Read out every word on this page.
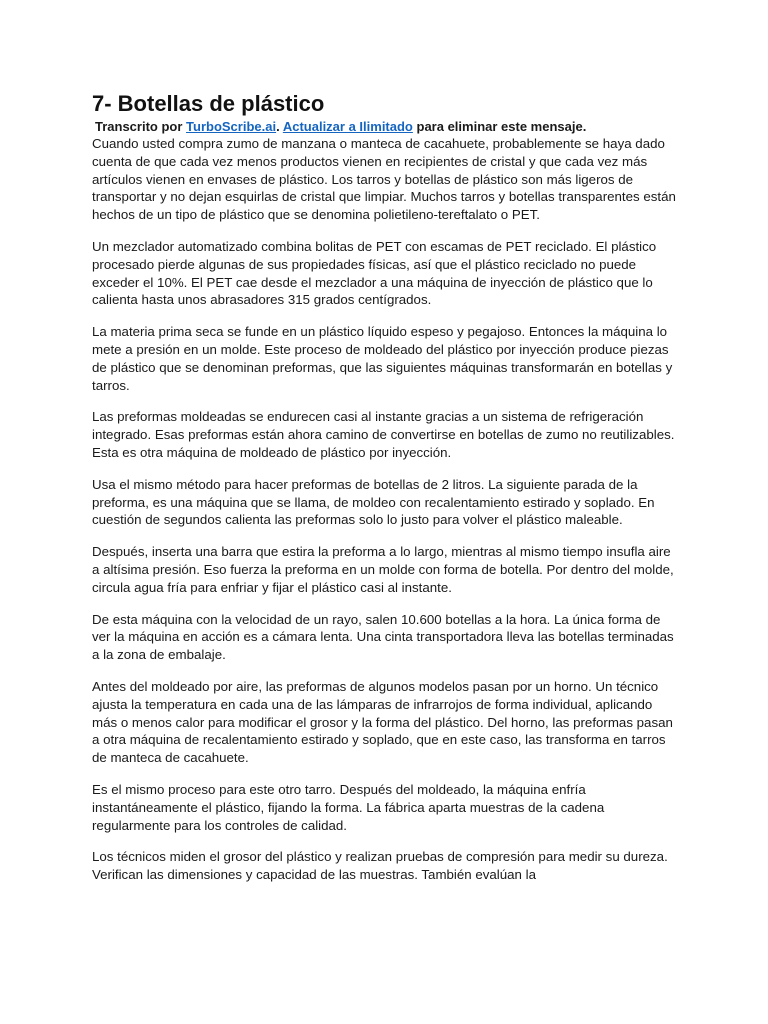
7- Botellas de plástico

Transcrito por TurboScribe.ai. Actualizar a Ilimitado para eliminar este mensaje.

Cuando usted compra zumo de manzana o manteca de cacahuete, probablemente se haya dado cuenta de que cada vez menos productos vienen en recipientes de cristal y que cada vez más artículos vienen en envases de plástico. Los tarros y botellas de plástico son más ligeros de transportar y no dejan esquirlas de cristal que limpiar. Muchos tarros y botellas transparentes están hechos de un tipo de plástico que se denomina polietileno-tereftalato o PET.

Un mezclador automatizado combina bolitas de PET con escamas de PET reciclado. El plástico procesado pierde algunas de sus propiedades físicas, así que el plástico reciclado no puede exceder el 10%. El PET cae desde el mezclador a una máquina de inyección de plástico que lo calienta hasta unos abrasadores 315 grados centígrados.

La materia prima seca se funde en un plástico líquido espeso y pegajoso. Entonces la máquina lo mete a presión en un molde. Este proceso de moldeado del plástico por inyección produce piezas de plástico que se denominan preformas, que las siguientes máquinas transformarán en botellas y tarros.

Las preformas moldeadas se endurecen casi al instante gracias a un sistema de refrigeración integrado. Esas preformas están ahora camino de convertirse en botellas de zumo no reutilizables. Esta es otra máquina de moldeado de plástico por inyección.

Usa el mismo método para hacer preformas de botellas de 2 litros. La siguiente parada de la preforma, es una máquina que se llama, de moldeo con recalentamiento estirado y soplado. En cuestión de segundos calienta las preformas solo lo justo para volver el plástico maleable.

Después, inserta una barra que estira la preforma a lo largo, mientras al mismo tiempo insufla aire a altísima presión. Eso fuerza la preforma en un molde con forma de botella. Por dentro del molde, circula agua fría para enfriar y fijar el plástico casi al instante.

De esta máquina con la velocidad de un rayo, salen 10.600 botellas a la hora. La única forma de ver la máquina en acción es a cámara lenta. Una cinta transportadora lleva las botellas terminadas a la zona de embalaje.

Antes del moldeado por aire, las preformas de algunos modelos pasan por un horno. Un técnico ajusta la temperatura en cada una de las lámparas de infrarrojos de forma individual, aplicando más o menos calor para modificar el grosor y la forma del plástico. Del horno, las preformas pasan a otra máquina de recalentamiento estirado y soplado, que en este caso, las transforma en tarros de manteca de cacahuete.

Es el mismo proceso para este otro tarro. Después del moldeado, la máquina enfría instantáneamente el plástico, fijando la forma. La fábrica aparta muestras de la cadena regularmente para los controles de calidad.

Los técnicos miden el grosor del plástico y realizan pruebas de compresión para medir su dureza. Verifican las dimensiones y capacidad de las muestras. También evalúan la
